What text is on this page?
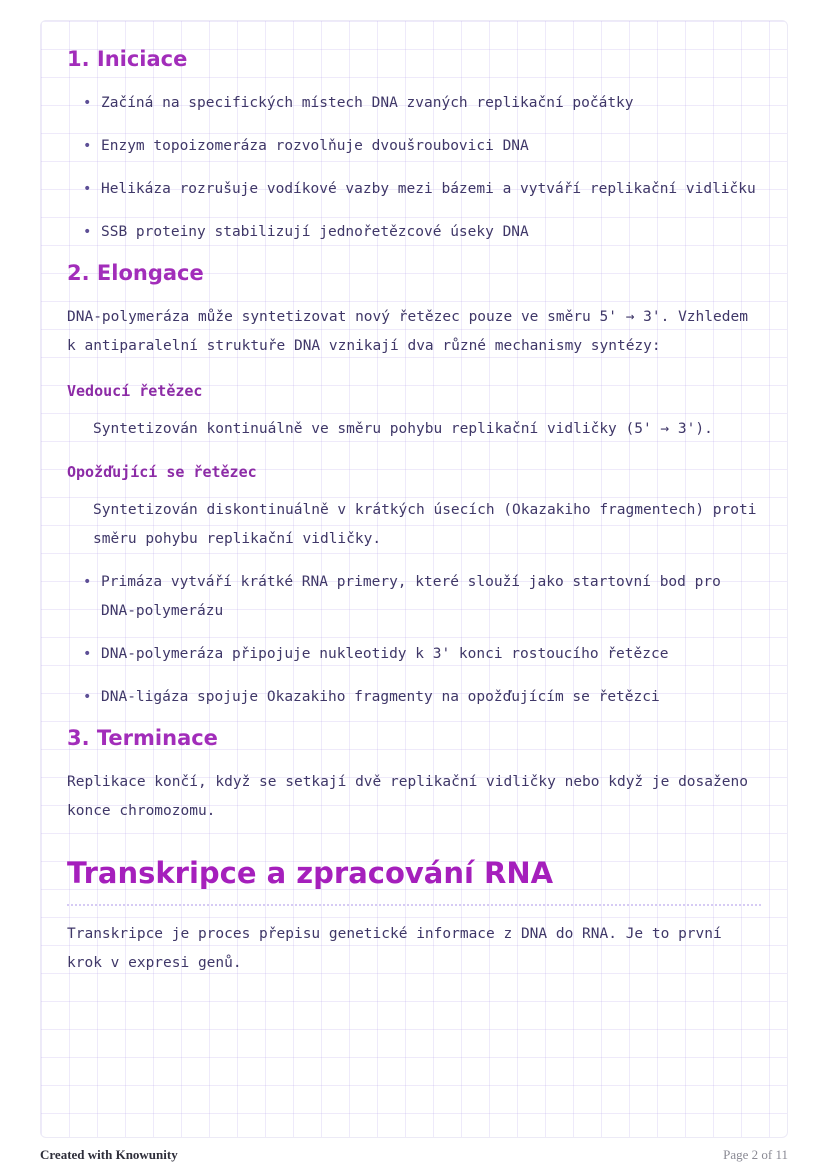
1. Iniciace
• Začíná na specifických místech DNA zvaných replikační počátky
• Enzym topoizomeráza rozvolňuje dvoušroubovici DNA
• Helikáza rozrušuje vodíkové vazby mezi bázemi a vytváří replikační vidličku
• SSB proteiny stabilizují jednořetězcové úseky DNA
2. Elongace

DNA-polymeráza může syntetizovat nový řetězec pouze ve směru 5' → 3'. Vzhledem k antiparalelní struktuře DNA vznikají dva různé mechanismy syntézy:

Vedoucí řetězec

Syntetizován kontinuálně ve směru pohybu replikační vidličky (5' → 3').

Opožďující se řetězec

Syntetizován diskontinuálně v krátkých úsecích (Okazakiho fragmentech) proti směru pohybu replikační vidličky.

• Primáza vytváří krátké RNA primery, které slouží jako startovní bod pro DNA-polymerázu
• DNA-polymeráza připojuje nukleotidy k 3' konci rostoucího řetězce
• DNA-ligáza spojuje Okazakiho fragmenty na opožďujícím se řetězci
3. Terminace

Replikace končí, když se setkají dvě replikační vidličky nebo když je dosaženo konce chromozomu.

Transkripce a zpracování RNA

Transkripce je proces přepisu genetické informace z DNA do RNA. Je to první krok v expresi genů.

Created with Knowunity	Page 2 of 11
